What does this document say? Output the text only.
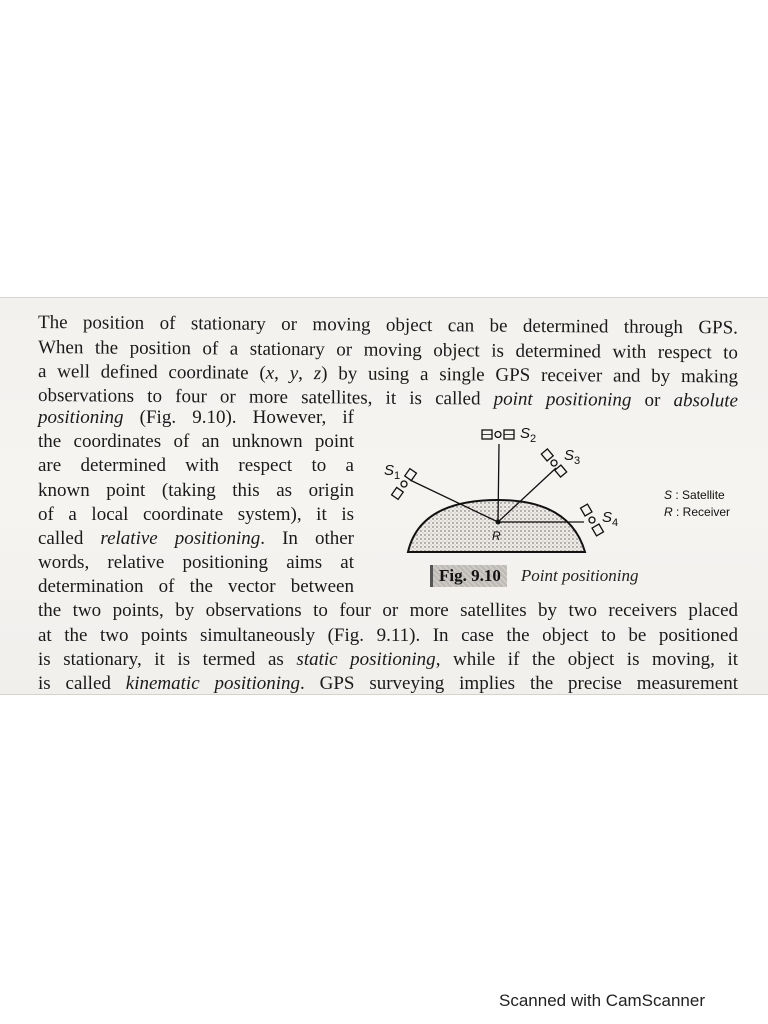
The position of stationary or moving object can be determined through GPS.
When the position of a stationary or moving object is determined with respect to
a well defined coordinate (x, y, z) by using a single GPS receiver and by making
observations to four or more satellites, it is called point positioning or absolute
positioning (Fig. 9.10). However, if
the coordinates of an unknown point
are determined with respect to a
known point (taking this as origin
of a local coordinate system), it is
called relative positioning. In other
words, relative positioning aims at
determination of the vector between
the two points, by observations to four or more satellites by two receivers placed
at the two points simultaneously (Fig. 9.11). In case the object to be positioned
is stationary, it is termed as static positioning, while if the object is moving, it
is called kinematic positioning. GPS surveying implies the precise measurement
$S_1$
$S_2$
$S_3$
$S_4$
R
S : Satellite
R : Receiver
Fig. 9.10	Point positioning
Scanned with CamScanner
